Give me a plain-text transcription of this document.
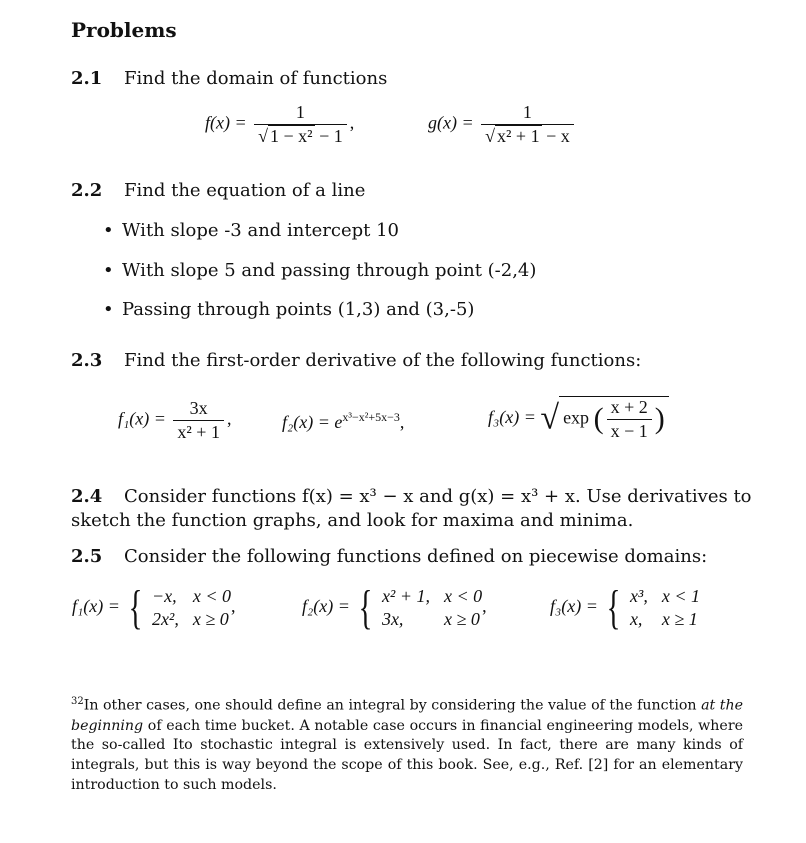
Problems
2.1 Find the domain of functions
$f(x) = \frac{1}{\text{√ 1 − x² − 1}}$ ,	$g(x) = \frac{1}{\text{√ x² + 1 − x}}$
2.2 Find the equation of a line
• With slope -3 and intercept 10
• With slope 5 and passing through point (-2,4)
• Passing through points (1,3) and (3,-5)
2.3 Find the first-order derivative of the following functions:
$f_1(x) = \frac{3x}{\text{x² + 1}}$ ,	$f_2(x) = e^{x^3-x^2+5x-3}$,	f₃(x) = √ exp ( $\frac{x + 2}{x - 1}$ )
2.4 Consider functions f(x) = x³ − x and g(x) = x³ + x. Use derivatives to
sketch the function graphs, and look for maxima and minima.
2.5 Consider the following functions defined on piecewise domains:
f₁(x) = { −x, x < 0
2x², x ≥ 0
,	f₂(x) = { x² + 1, x < 0
3x,	x ≥ 0
,	f₃(x) = { x³, x < 1
x, x ≥ 1
$^{32}$In other cases, one should define an integral by considering the value of the function at the beginning of each time bucket. A notable case occurs in financial engineering models, where the so-called Ito stochastic integral is extensively used. In fact, there are many kinds of integrals, but this is way beyond the scope of this book. See, e.g., Ref. [2] for an elementary introduction to such models.
